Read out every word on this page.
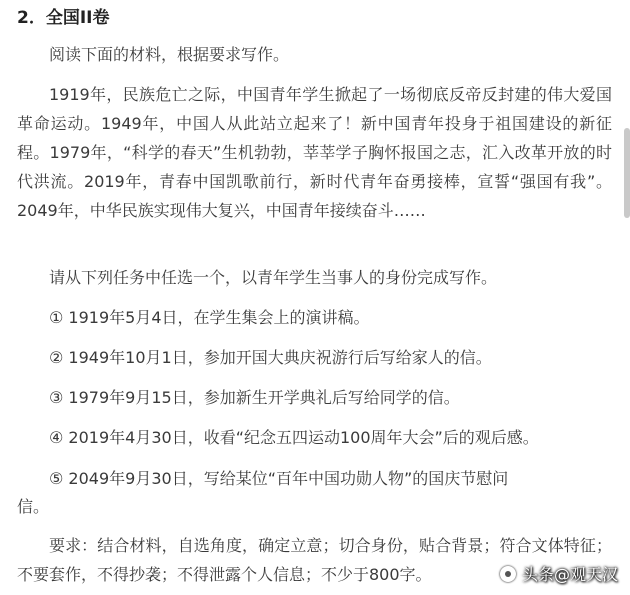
2．全国II卷

阅读下面的材料，根据要求写作。

1919年，民族危亡之际，中国青年学生掀起了一场彻底反帝反封建的伟大爱国革命运动。1949年，中国人从此站立起来了！新中国青年投身于祖国建设的新征程。1979年，“科学的春天”生机勃勃，莘莘学子胸怀报国之志，汇入改革开放的时代洪流。2019年，青春中国凯歌前行，新时代青年奋勇接棒，宣誓“强国有我”。2049年，中华民族实现伟大复兴，中国青年接续奋斗……

请从下列任务中任选一个，以青年学生当事人的身份完成写作。

① 1919年5月4日，在学生集会上的演讲稿。
② 1949年10月1日，参加开国大典庆祝游行后写给家人的信。
③ 1979年9月15日，参加新生开学典礼后写给同学的信。
④ 2019年4月30日，收看“纪念五四运动100周年大会”后的观后感。
⑤ 2049年9月30日，写给某位“百年中国功勋人物”的国庆节慰问
信。

要求：结合材料，自选角度，确定立意；切合身份，贴合背景；符合文体特征；不要套作，不得抄袭；不得泄露个人信息；不少于800字。	头条@观天汉
